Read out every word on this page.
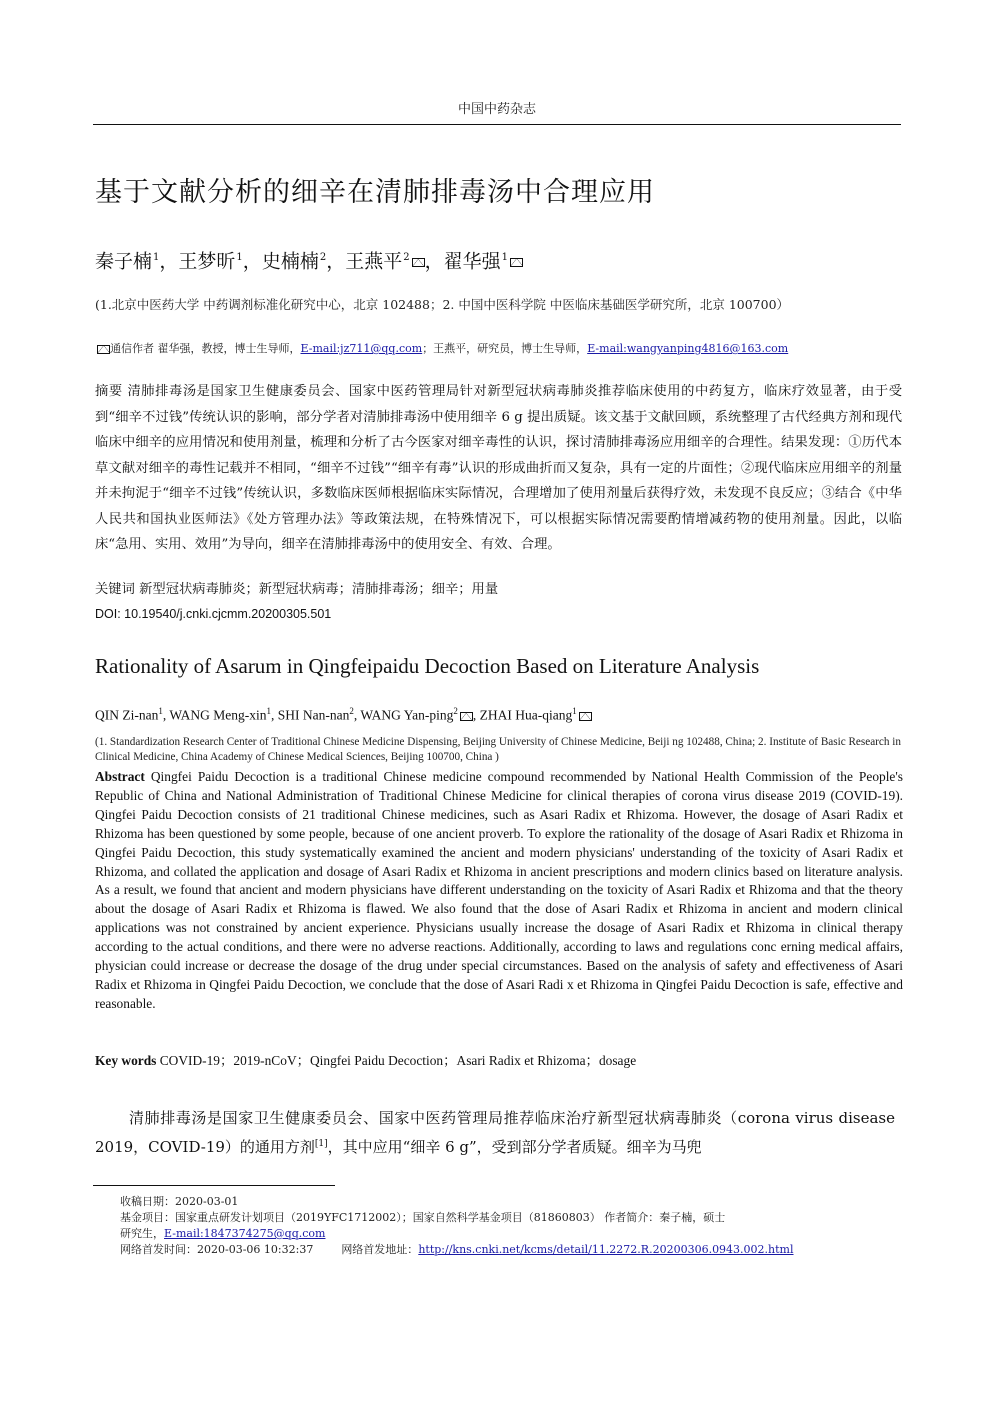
中国中药杂志
基于文献分析的细辛在清肺排毒汤中合理应用
秦子楠$^1$，王梦昕$^1$，史楠楠$^2$，王燕平$^2$ ，翟华强$^1$
(1.北京中医药大学 中药调剂标准化研究中心，北京 102488；2. 中国中医科学院 中医临床基础医学研究所，北京 100700）
通信作者 翟华强，教授，博士生导师，E-mail:jz711@qq.com；王燕平，研究员，博士生导师，E-mail:wangyanping4816@163.com
摘要 清肺排毒汤是国家卫生健康委员会、国家中医药管理局针对新型冠状病毒肺炎推荐临床使用的中药复方，临床疗效显著，由于受到“细辛不过钱”传统认识的影响，部分学者对清肺排毒汤中使用细辛 6 g 提出质疑。该文基于文献回顾，系统整理了古代经典方剂和现代临床中细辛的应用情况和使用剂量，梳理和分析了古今医家对细辛毒性的认识，探讨清肺排毒汤应用细辛的合理性。结果发现：①历代本草文献对细辛的毒性记载并不相同，“细辛不过钱”“细辛有毒”认识的形成曲折而又复杂，具有一定的片面性；②现代临床应用细辛的剂量并未拘泥于“细辛不过钱”传统认识，多数临床医师根据临床实际情况，合理增加了使用剂量后获得疗效，未发现不良反应；③结合《中华人民共和国执业医师法》《处方管理办法》等政策法规，在特殊情况下，可以根据实际情况需要酌情增减药物的使用剂量。因此，以临床“急用、实用、效用”为导向，细辛在清肺排毒汤中的使用安全、有效、合理。
关键词 新型冠状病毒肺炎；新型冠状病毒；清肺排毒汤；细辛；用量
DOI: 10.19540/j.cnki.cjcmm.20200305.501
Rationality of Asarum in Qingfeipaidu Decoction Based on Literature Analysis
QIN Zi-nan$^1$, WANG Meng-xin$^1$, SHI Nan-nan$^2$, WANG Yan-ping$^2$ , ZHAI Hua-qiang$^1$
(1. Standardization Research Center of Traditional Chinese Medicine Dispensing, Beijing University of Chinese Medicine, Beiji ng 102488, China; 2. Institute of Basic Research in Clinical Medicine, China Academy of Chinese Medical Sciences, Beijing 100700, China )
Abstract Qingfei Paidu Decoction is a traditional Chinese medicine compound recommended by National Health Commission of the People's Republic of China and National Administration of Traditional Chinese Medicine for clinical therapies of corona virus disease 2019 (COVID-19). Qingfei Paidu Decoction consists of 21 traditional Chinese medicines, such as Asari Radix et Rhizoma. However, the dosage of Asari Radix et Rhizoma has been questioned by some people, because of one ancient proverb. To explore the rationality of the dosage of Asari Radix et Rhizoma in Qingfei Paidu Decoction, this study systematically examined the ancient and modern physicians' understanding of the toxicity of Asari Radix et Rhizoma, and collated the application and dosage of Asari Radix et Rhizoma in ancient prescriptions and modern clinics based on literature analysis. As a result, we found that ancient and modern physicians have different understanding on the toxicity of Asari Radix et Rhizoma and that the theory about the dosage of Asari Radix et Rhizoma is flawed. We also found that the dose of Asari Radix et Rhizoma in ancient and modern clinical applications was not constrained by ancient experience. Physicians usually increase the dosage of Asari Radix et Rhizoma in clinical therapy according to the actual conditions, and there were no adverse reactions. Additionally, according to laws and regulations conc erning medical affairs, physician could increase or decrease the dosage of the drug under special circumstances. Based on the analysis of safety and effectiveness of Asari Radix et Rhizoma in Qingfei Paidu Decoction, we conclude that the dose of Asari Radi x et Rhizoma in Qingfei Paidu Decoction is safe, effective and reasonable.
Key words COVID-19；2019-nCoV；Qingfei Paidu Decoction；Asari Radix et Rhizoma；dosage
清肺排毒汤是国家卫生健康委员会、国家中医药管理局推荐临床治疗新型冠状病毒肺炎（corona virus disease 2019，COVID-19）的通用方剂[1]，其中应用“细辛 6 g”，受到部分学者质疑。细辛为马兜
收稿日期：2020-03-01
基金项目：国家重点研发计划项目（2019YFC1712002）；国家自然科学基金项目（81860803） 作者简介：秦子楠，硕士
研究生，E-mail:1847374275@qq.com
网络首发时间：2020-03-06 10:32:37	网络首发地址：http://kns.cnki.net/kcms/detail/11.2272.R.20200306.0943.002.html
